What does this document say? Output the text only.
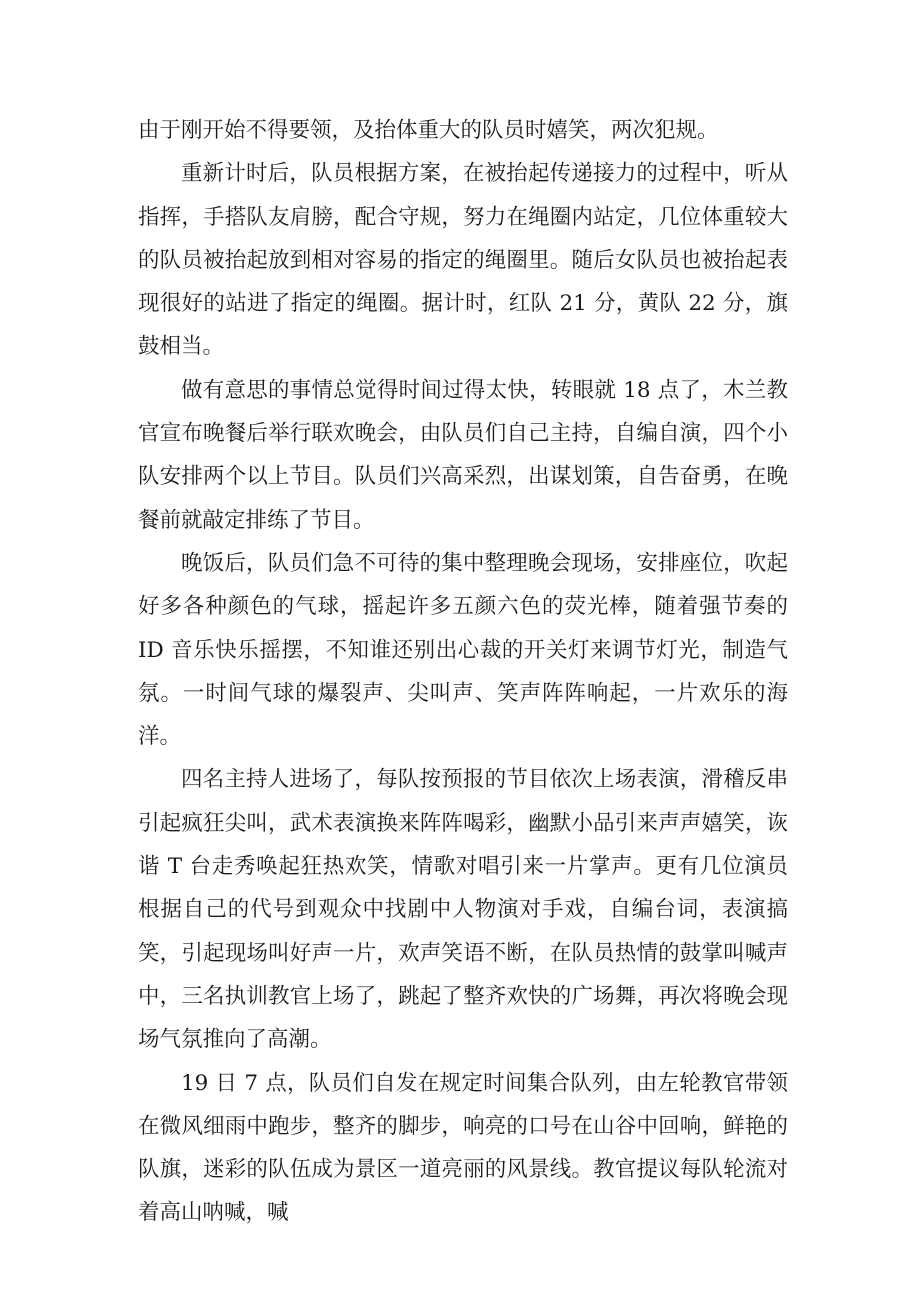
由于刚开始不得要领，及抬体重大的队员时嬉笑，两次犯规。

重新计时后，队员根据方案，在被抬起传递接力的过程中，听从指挥，手搭队友肩膀，配合守规，努力在绳圈内站定，几位体重较大的队员被抬起放到相对容易的指定的绳圈里。随后女队员也被抬起表现很好的站进了指定的绳圈。据计时，红队 21 分，黄队 22 分，旗鼓相当。

做有意思的事情总觉得时间过得太快，转眼就 18 点了，木兰教官宣布晚餐后举行联欢晚会，由队员们自己主持，自编自演，四个小队安排两个以上节目。队员们兴高采烈，出谋划策，自告奋勇，在晚餐前就敲定排练了节目。

晚饭后，队员们急不可待的集中整理晚会现场，安排座位，吹起好多各种颜色的气球，摇起许多五颜六色的荧光棒，随着强节奏的 ID 音乐快乐摇摆，不知谁还别出心裁的开关灯来调节灯光，制造气氛。一时间气球的爆裂声、尖叫声、笑声阵阵响起，一片欢乐的海洋。

四名主持人进场了，每队按预报的节目依次上场表演，滑稽反串引起疯狂尖叫，武术表演换来阵阵喝彩，幽默小品引来声声嬉笑，诙谐 T 台走秀唤起狂热欢笑，情歌对唱引来一片掌声。更有几位演员根据自己的代号到观众中找剧中人物演对手戏，自编台词，表演搞笑，引起现场叫好声一片，欢声笑语不断，在队员热情的鼓掌叫喊声中，三名执训教官上场了，跳起了整齐欢快的广场舞，再次将晚会现场气氛推向了高潮。

19 日 7 点，队员们自发在规定时间集合队列，由左轮教官带领在微风细雨中跑步，整齐的脚步，响亮的口号在山谷中回响，鲜艳的队旗，迷彩的队伍成为景区一道亮丽的风景线。教官提议每队轮流对着高山呐喊，喊
